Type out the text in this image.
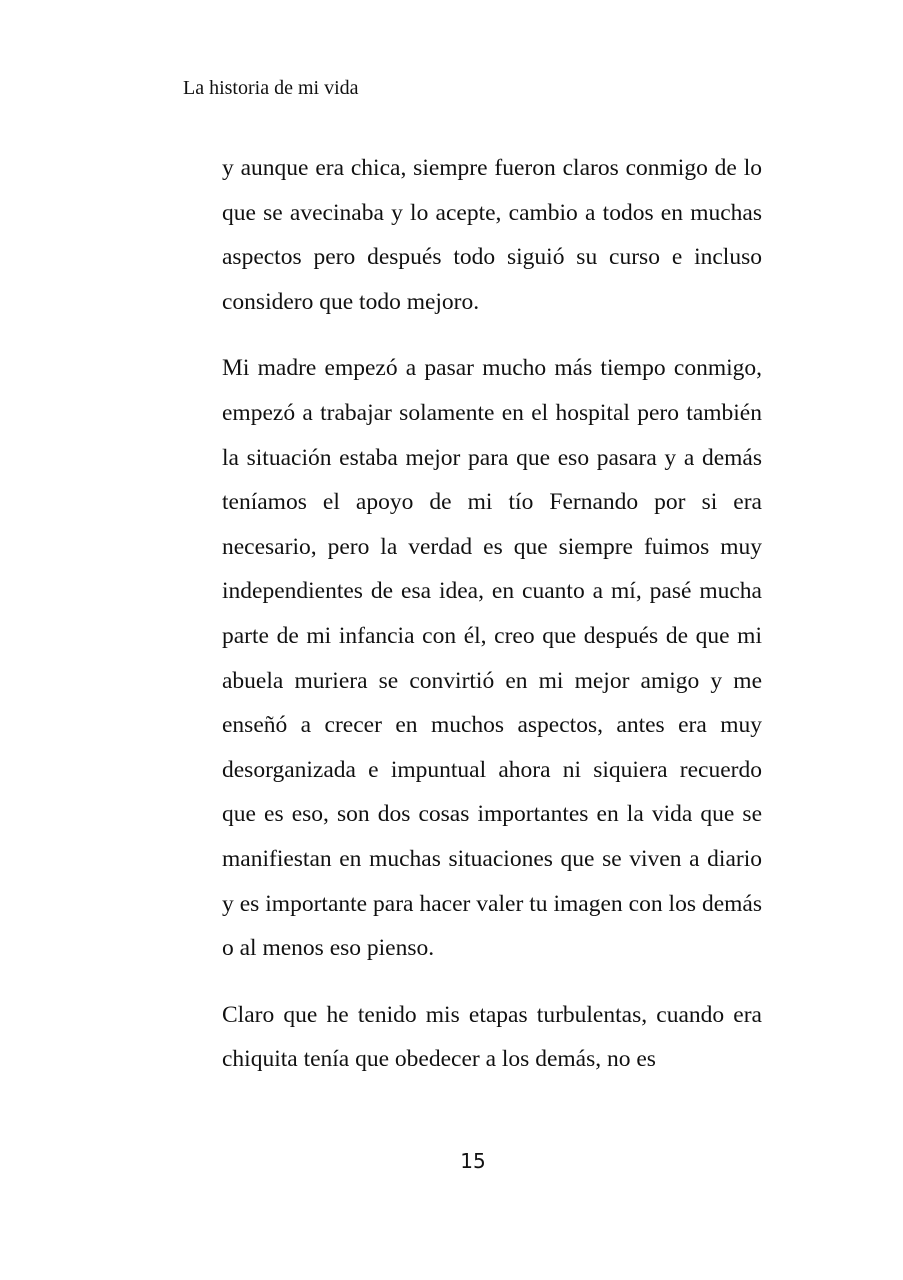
La historia de mi vida

y aunque era chica, siempre fueron claros conmigo de lo que se avecinaba y lo acepte, cambio a todos en muchas aspectos pero después todo siguió su curso e incluso considero que todo mejoro.

Mi madre empezó a pasar mucho más tiempo conmigo, empezó a trabajar solamente en el hospital pero también la situación estaba mejor para que eso pasara y a demás teníamos el apoyo de mi tío Fernando por si era necesario, pero la verdad es que siempre fuimos muy independientes de esa idea, en cuanto a mí, pasé mucha parte de mi infancia con él, creo que después de que mi abuela muriera se convirtió en mi mejor amigo y me enseñó a crecer en muchos aspectos, antes era muy desorganizada e impuntual ahora ni siquiera recuerdo que es eso, son dos cosas importantes en la vida que se manifiestan en muchas situaciones que se viven a diario y es importante para hacer valer tu imagen con los demás o al menos eso pienso.

Claro que he tenido mis etapas turbulentas, cuando era chiquita tenía que obedecer a los demás, no es

15
